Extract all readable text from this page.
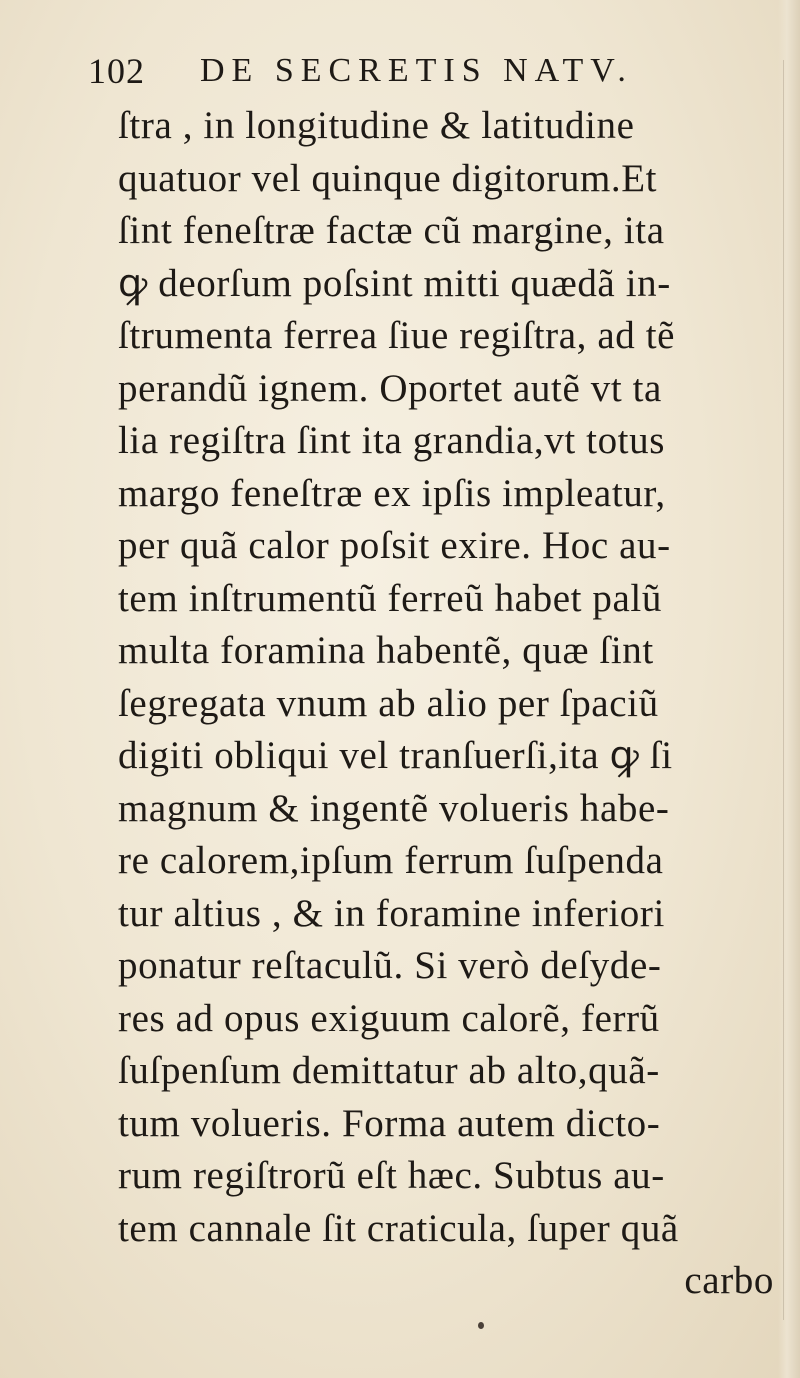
102 DE SECRETIS NATV.
ſtra , in longitudine & latitudine
quatuor vel quinque digitorum.Et
ſint feneſtræ factæ cũ margine, ita
ꝙ deorſum poſsint mitti quædã in-
ſtrumenta ferrea ſiue regiſtra, ad tẽ
perandũ ignem. Oportet autẽ vt ta
lia regiſtra ſint ita grandia,vt totus
margo feneſtræ ex ipſis impleatur,
per quã calor poſsit exire. Hoc au-
tem inſtrumentũ ferreũ habet palũ
multa foramina habentẽ, quæ ſint
ſegregata vnum ab alio per ſpaciũ
digiti obliqui vel tranſuerſi,ita ꝙ ſi
magnum & ingentẽ volueris habe-
re calorem,ipſum ferrum ſuſpenda
tur altius , & in foramine inferiori
ponatur reſtaculũ. Si verò deſyde-
res ad opus exiguum calorẽ, ferrũ
ſuſpenſum demittatur ab alto,quã-
tum volueris. Forma autem dicto-
rum regiſtrorũ eſt hæc. Subtus au-
tem cannale ſit craticula, ſuper quã
carbo
